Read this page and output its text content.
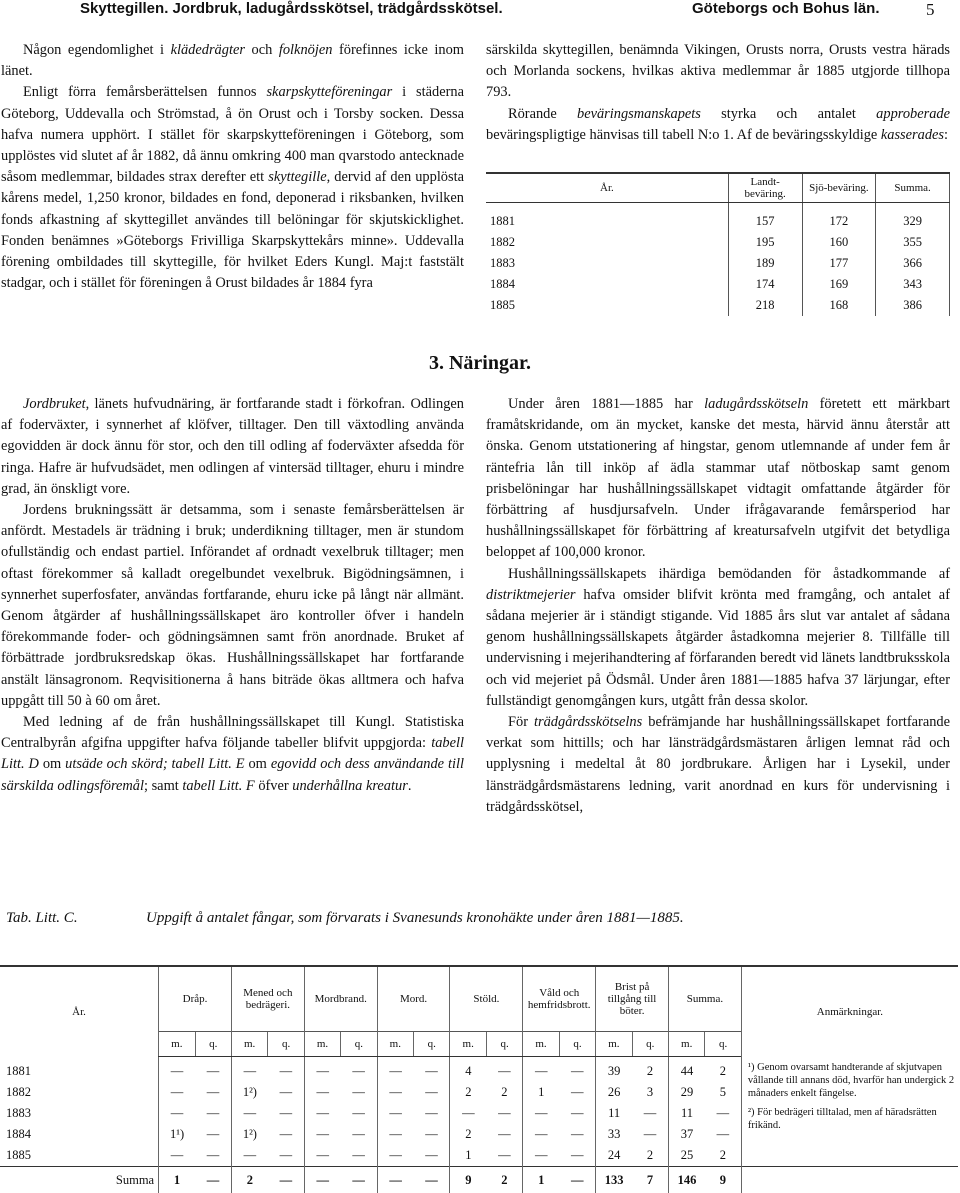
Skyttegillen. Jordbruk, ladugårdsskötsel, trädgårdsskötsel.	Göteborgs och Bohus län.	5

Någon egendomlighet i klädedrägter och folknöjen förefinnes icke inom länet.

Enligt förra femårsberättelsen funnos skarpskytteföreningar i städerna Göteborg, Uddevalla och Strömstad, å ön Orust och i Torsby socken. Dessa hafva numera upphört. I stället för skarpskytteföreningen i Göteborg, som upplöstes vid slutet af år 1882, då ännu omkring 400 man qvarstodo antecknade såsom medlemmar, bildades strax derefter ett skyttegille, dervid af den upplösta kårens medel, 1,250 kronor, bildades en fond, deponerad i riksbanken, hvilken fonds afkastning af skyttegillet användes till belöningar för skjutskicklighet. Fonden benämnes »Göteborgs Frivilliga Skarpskyttekårs minne». Uddevalla förening ombildades till skyttegille, för hvilket Eders Kungl. Maj:t faststält stadgar, och i stället för föreningen å Orust bildades år 1884 fyra

särskilda skyttegillen, benämnda Vikingen, Orusts norra, Orusts vestra härads och Morlanda sockens, hvilkas aktiva medlemmar år 1885 utgjorde tillhopa 793.

Rörande beväringsmanskapets styrka och antalet approberade beväringspligtige hänvisas till tabell N:o 1. Af de beväringsskyldige kasserades:

År.	Landt-beväring.	Sjö-beväring.	Summa.
1881	157	172	329
1882	195	160	355
1883	189	177	366
1884	174	169	343
1885	218	168	386
3. Näringar.

Jordbruket, länets hufvudnäring, är fortfarande stadt i förkofran. Odlingen af foderväxter, i synnerhet af klöfver, tilltager. Den till växtodling använda egovidden är dock ännu för stor, och den till odling af foderväxter afsedda för ringa. Hafre är hufvudsädet, men odlingen af vintersäd tilltager, ehuru i mindre grad, än önskligt vore.

Jordens brukningssätt är detsamma, som i senaste femårsberättelsen är anfördt. Mestadels är trädning i bruk; underdikning tilltager, men är stundom ofullständig och endast partiel. Införandet af ordnadt vexelbruk tilltager; men oftast förekommer så kalladt oregelbundet vexelbruk. Bigödningsämnen, i synnerhet superfosfater, användas fortfarande, ehuru icke på långt när allmänt. Genom åtgärder af hushållningssällskapet äro kontroller öfver i handeln förekommande foder- och gödningsämnen samt frön anordnade. Bruket af förbättrade jordbruksredskap ökas. Hushållningssällskapet har fortfarande anstält länsagronom. Reqvisitionerna å hans biträde ökas alltmera och hafva uppgått till 50 à 60 om året.

Med ledning af de från hushållningssällskapet till Kungl. Statistiska Centralbyrån afgifna uppgifter hafva följande tabeller blifvit uppgjorda: tabell Litt. D om utsäde och skörd; tabell Litt. E om egovidd och dess användande till särskilda odlingsföremål; samt tabell Litt. F öfver underhållna kreatur.

Under åren 1881—1885 har ladugårdsskötseln företett ett märkbart framåtskridande, om än mycket, kanske det mesta, härvid ännu återstår att önska. Genom utstationering af hingstar, genom utlemnande af under fem år räntefria lån till inköp af ädla stammar utaf nötboskap samt genom prisbelöningar har hushållningssällskapet vidtagit omfattande åtgärder för förbättring af husdjursafveln. Under ifrågavarande femårsperiod har hushållningssällskapet för förbättring af kreatursafveln utgifvit det betydliga beloppet af 100,000 kronor.

Hushållningssällskapets ihärdiga bemödanden för åstadkommande af distriktmejerier hafva omsider blifvit krönta med framgång, och antalet af sådana mejerier är i ständigt stigande. Vid 1885 års slut var antalet af sådana genom hushållningssällskapets åtgärder åstadkomna mejerier 8. Tillfälle till undervisning i mejerihandtering af förfaranden beredt vid länets landtbruksskola och vid mejeriet på Ödsmål. Under åren 1881—1885 hafva 37 lärjungar, efter fullständigt genomgången kurs, utgått från dessa skolor.

För trädgårdsskötselns befrämjande har hushållningssällskapet fortfarande verkat som hittills; och har länsträdgårdsmästaren årligen lemnat råd och upplysning i medeltal åt 80 jordbrukare. Årligen har i Lysekil, under länsträdgårdsmästarens ledning, varit anordnad en kurs för undervisning i trädgårdsskötsel,

Tab. Litt. C.	Uppgift å antalet fångar, som förvarats i Svanesunds kronohäkte under åren 1881—1885.
År.	Dråp.		Mened och bedrägeri.		Mordbrand.		Mord.		Stöld.		Våld och hemfridsbrott.		Brist på tillgång till böter.		Summa.		Anmärkningar.
	m.	q.	m.	q.	m.	q.	m.	q.	m.	q.	m.	q.	m.	q.	m.	q.	
1881	—	—	—	—	—	—	—	—	4	—	—	—	39	2	44	2	¹) Genom ovarsamt handterande af skjutvapen vållande till annans död, hvarför han undergick 2 månaders enkelt fängelse.
²) För bedrägeri tilltalad, men af häradsrätten frikänd.

1882	—	—	1²)	—	—	—	—	—	2	2	1	—	26	3	29	5	
1883	—	—	—	—	—	—	—	—	—	—	—	—	11	—	11	—	
1884	1¹)	—	1²)	—	—	—	—	—	2	—	—	—	33	—	37	—	
1885	—	—	—	—	—	—	—	—	1	—	—	—	24	2	25	2	
Summa	1	—	2	—	—	—	—	—	9	2	1	—	133	7	146	9	
